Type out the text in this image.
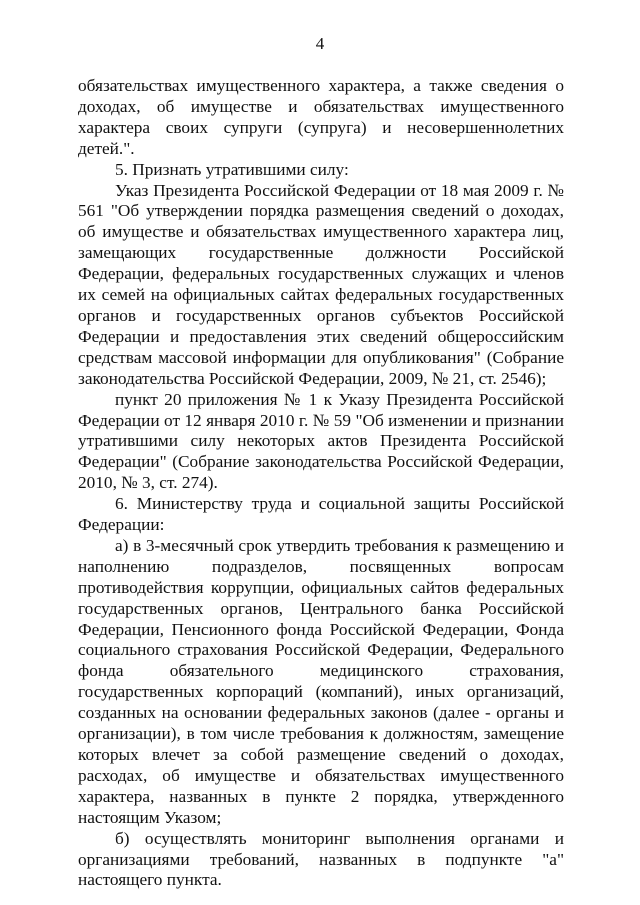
4

обязательствах имущественного характера, а также сведения о доходах, об имуществе и обязательствах имущественного характера своих супруги (супруга) и несовершеннолетних детей.".

5. Признать утратившими силу:

Указ Президента Российской Федерации от 18 мая 2009 г. № 561 "Об утверждении порядка размещения сведений о доходах, об имуществе и обязательствах имущественного характера лиц, замещающих государственные должности Российской Федерации, федеральных государственных служащих и членов их семей на официальных сайтах федеральных государственных органов и государственных органов субъектов Российской Федерации и предоставления этих сведений общероссийским средствам массовой информации для опубликования" (Собрание законодательства Российской Федерации, 2009, № 21, ст. 2546);

пункт 20 приложения № 1 к Указу Президента Российской Федерации от 12 января 2010 г. № 59 "Об изменении и признании утратившими силу некоторых актов Президента Российской Федерации" (Собрание законодательства Российской Федерации, 2010, № 3, ст. 274).

6. Министерству труда и социальной защиты Российской Федерации:

а) в 3-месячный срок утвердить требования к размещению и наполнению подразделов, посвященных вопросам противодействия коррупции, официальных сайтов федеральных государственных органов, Центрального банка Российской Федерации, Пенсионного фонда Российской Федерации, Фонда социального страхования Российской Федерации, Федерального фонда обязательного медицинского страхования, государственных корпораций (компаний), иных организаций, созданных на основании федеральных законов (далее - органы и организации), в том числе требования к должностям, замещение которых влечет за собой размещение сведений о доходах, расходах, об имуществе и обязательствах имущественного характера, названных в пункте 2 порядка, утвержденного настоящим Указом;

б) осуществлять мониторинг выполнения органами и организациями требований, названных в подпункте "а" настоящего пункта.
